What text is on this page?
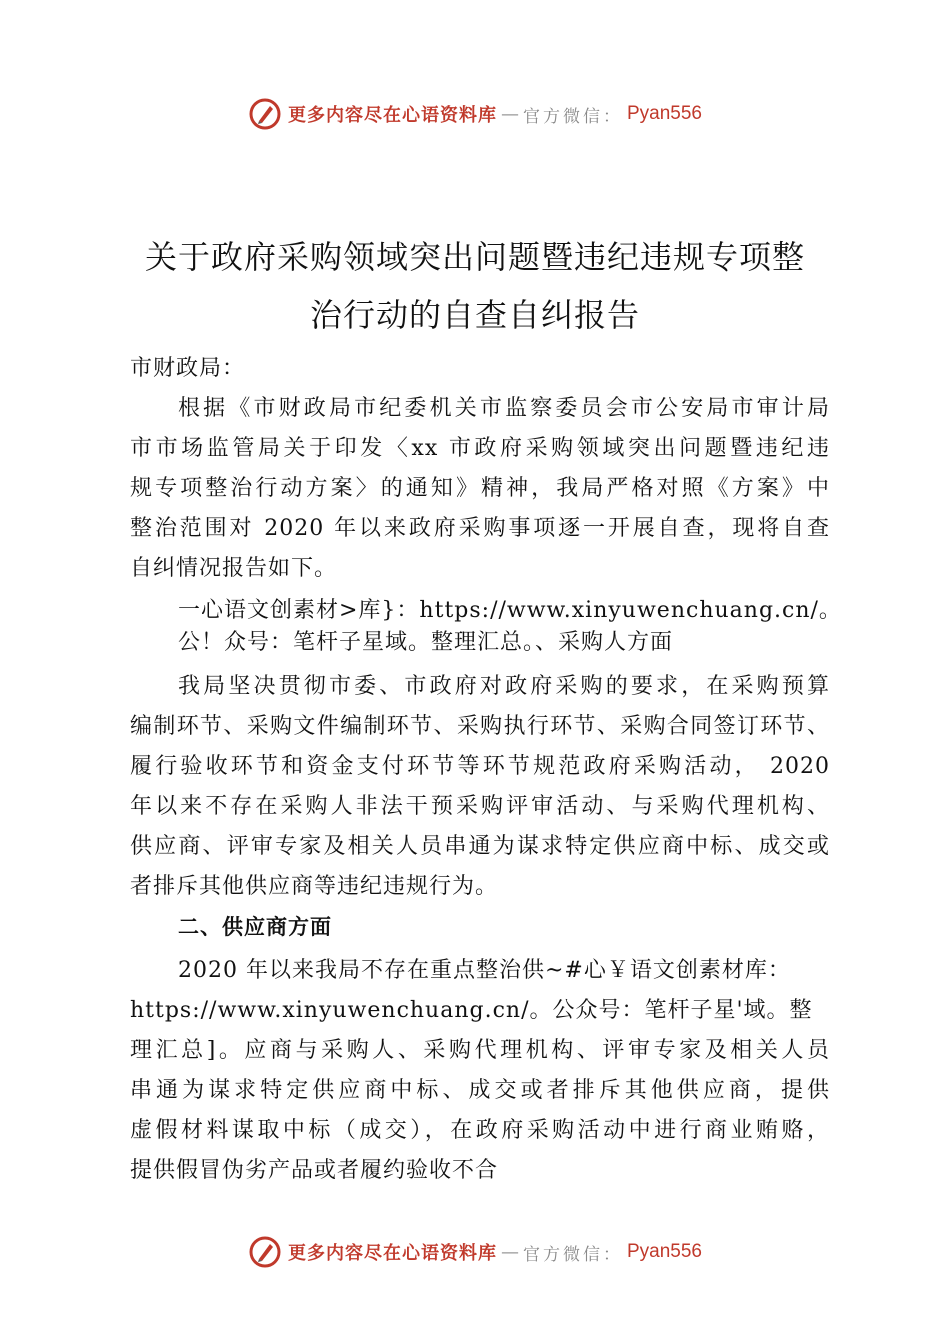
更多内容尽在心语资料库 — 官方微信： Pyan556
关于政府采购领域突出问题暨违纪违规专项整
治行动的自查自纠报告
市财政局：
根据《市财政局市纪委机关市监察委员会市公安局市审计局
市市场监管局关于印发〈xx 市政府采购领域突出问题暨违纪违
规专项整治行动方案〉的通知》精神，我局严格对照《方案》中
整治范围对 2020 年以来政府采购事项逐一开展自查，现将自查
自纠情况报告如下。
一心语文创素材>库}：https://www.xinyuwenchuang.cn/。
公！众号：笔杆子星域。整理汇总。、采购人方面
我局坚决贯彻市委、市政府对政府采购的要求，在采购预算
编制环节、采购文件编制环节、采购执行环节、采购合同签订环节、
履行验收环节和资金支付环节等环节规范政府采购活动， 2020
年以来不存在采购人非法干预采购评审活动、与采购代理机构、
供应商、评审专家及相关人员串通为谋求特定供应商中标、成交或
者排斥其他供应商等违纪违规行为。
二、供应商方面
2020 年以来我局不存在重点整治供~#心￥语文创素材库：
https://www.xinyuwenchuang.cn/。公众号：笔杆子星'域。整
理汇总]。应商与采购人、采购代理机构、评审专家及相关人员
串通为谋求特定供应商中标、成交或者排斥其他供应商，提供
虚假材料谋取中标（成交），在政府采购活动中进行商业贿赂，
提供假冒伪劣产品或者履约验收不合
更多内容尽在心语资料库 — 官方微信： Pyan556
